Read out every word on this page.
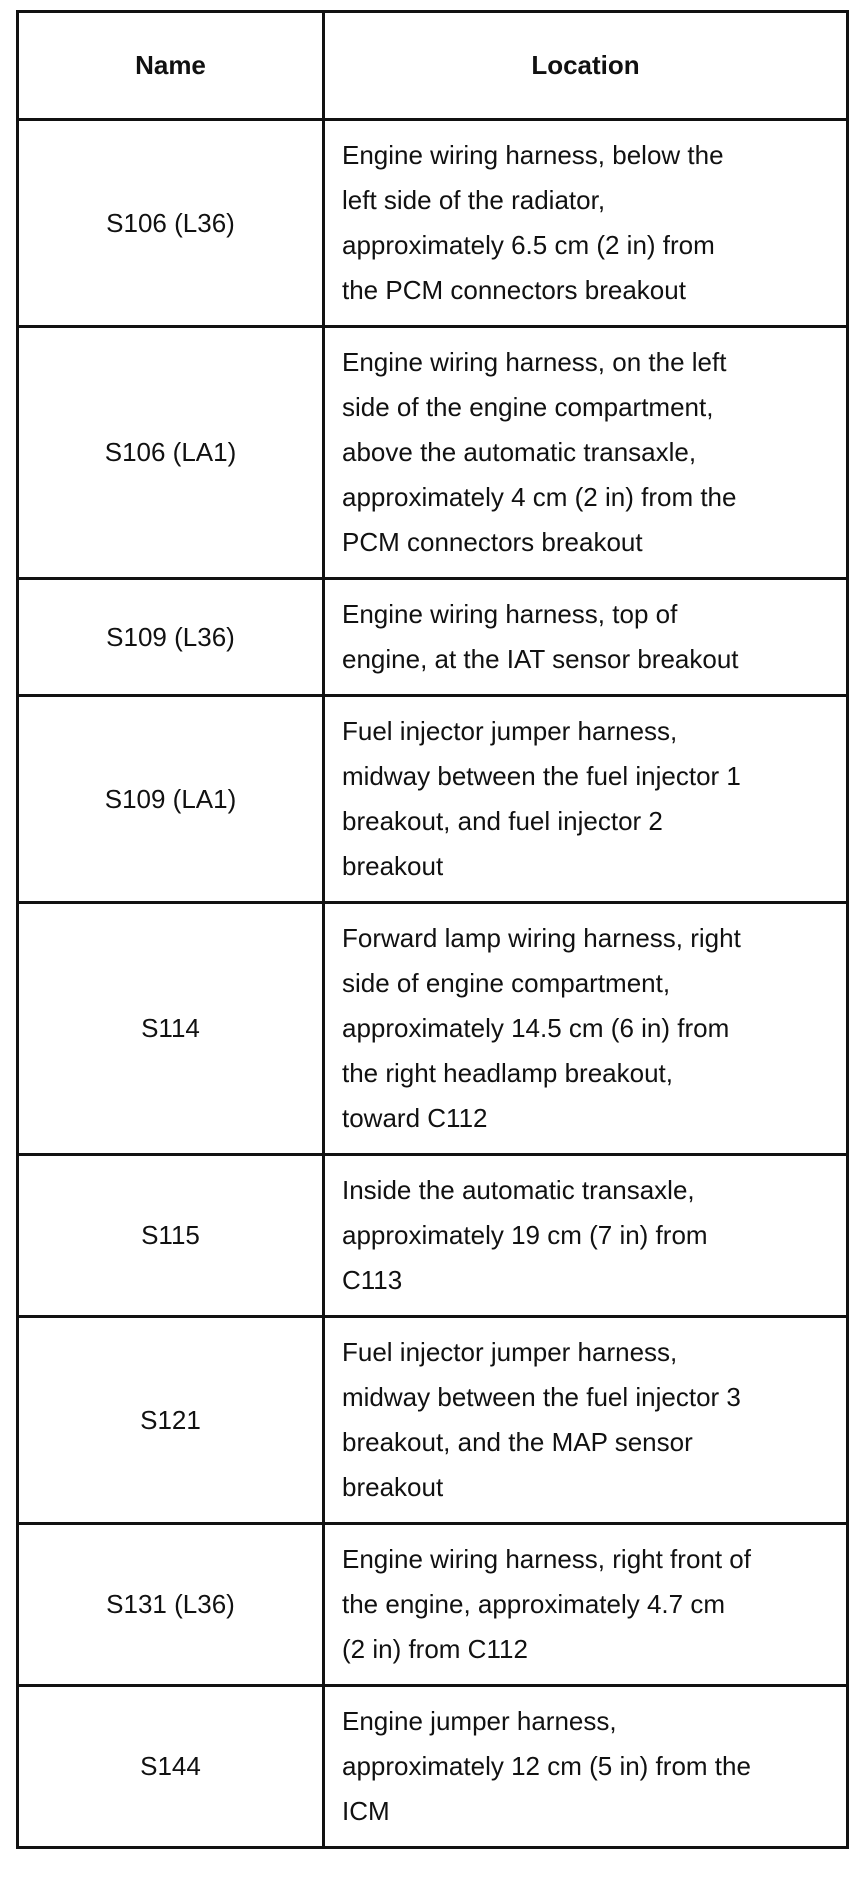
Name	Location
S106 (L36)	Engine wiring harness, below the
left side of the radiator,
approximately 6.5 cm (2 in) from
the PCM connectors breakout

S106 (LA1)	Engine wiring harness, on the left
side of the engine compartment,
above the automatic transaxle,
approximately 4 cm (2 in) from the
PCM connectors breakout

S109 (L36)	Engine wiring harness, top of
engine, at the IAT sensor breakout

S109 (LA1)	Fuel injector jumper harness,
midway between the fuel injector 1
breakout, and fuel injector 2
breakout

S114	Forward lamp wiring harness, right
side of engine compartment,
approximately 14.5 cm (6 in) from
the right headlamp breakout,
toward C112

S115	Inside the automatic transaxle,
approximately 19 cm (7 in) from
C113

S121	Fuel injector jumper harness,
midway between the fuel injector 3
breakout, and the MAP sensor
breakout

S131 (L36)	Engine wiring harness, right front of
the engine, approximately 4.7 cm
(2 in) from C112

S144	Engine jumper harness,
approximately 12 cm (5 in) from the
ICM
